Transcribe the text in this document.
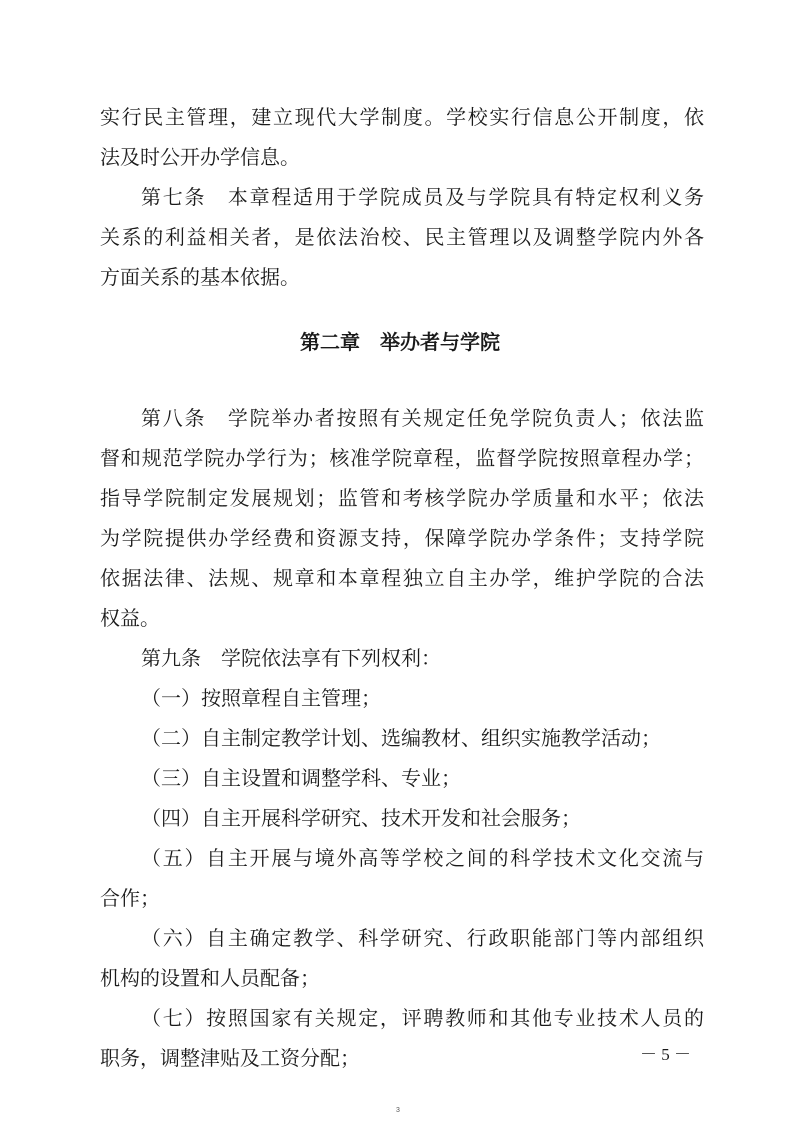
实行民主管理，建立现代大学制度。学校实行信息公开制度，依
法及时公开办学信息。
第七条　本章程适用于学院成员及与学院具有特定权利义务
关系的利益相关者，是依法治校、民主管理以及调整学院内外各
方面关系的基本依据。
第二章　举办者与学院
第八条　学院举办者按照有关规定任免学院负责人；依法监
督和规范学院办学行为；核准学院章程，监督学院按照章程办学；
指导学院制定发展规划；监管和考核学院办学质量和水平；依法
为学院提供办学经费和资源支持，保障学院办学条件；支持学院
依据法律、法规、规章和本章程独立自主办学，维护学院的合法
权益。
第九条　学院依法享有下列权利：
（一）按照章程自主管理；
（二）自主制定教学计划、选编教材、组织实施教学活动；
（三）自主设置和调整学科、专业；
（四）自主开展科学研究、技术开发和社会服务；
（五）自主开展与境外高等学校之间的科学技术文化交流与
合作；
（六）自主确定教学、科学研究、行政职能部门等内部组织
机构的设置和人员配备；
（七）按照国家有关规定，评聘教师和其他专业技术人员的
职务，调整津贴及工资分配；	－ 5 －
3
